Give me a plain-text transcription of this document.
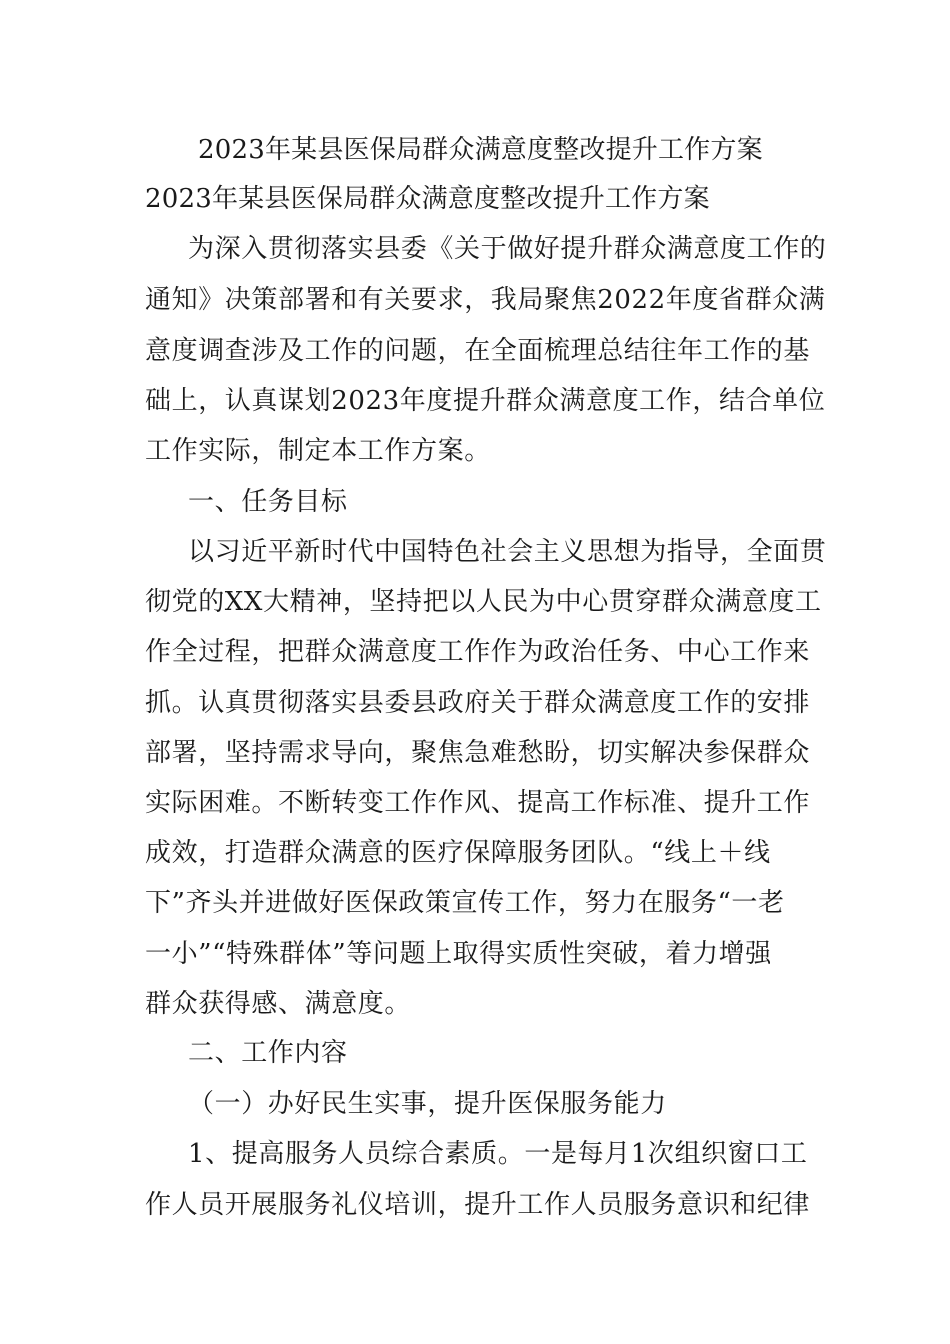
2023年某县医保局群众满意度整改提升工作方案
2023年某县医保局群众满意度整改提升工作方案
为深入贯彻落实县委《关于做好提升群众满意度工作的
通知》决策部署和有关要求，我局聚焦2022年度省群众满
意度调查涉及工作的问题，在全面梳理总结往年工作的基
础上，认真谋划2023年度提升群众满意度工作，结合单位
工作实际，制定本工作方案。
一、任务目标
以习近平新时代中国特色社会主义思想为指导，全面贯
彻党的XX大精神，坚持把以人民为中心贯穿群众满意度工
作全过程，把群众满意度工作作为政治任务、中心工作来
抓。认真贯彻落实县委县政府关于群众满意度工作的安排
部署，坚持需求导向，聚焦急难愁盼，切实解决参保群众
实际困难。不断转变工作作风、提高工作标准、提升工作
成效，打造群众满意的医疗保障服务团队。“线上＋线
下”齐头并进做好医保政策宣传工作，努力在服务“一老
一小”“特殊群体”等问题上取得实质性突破，着力增强
群众获得感、满意度。
二、工作内容
（一）办好民生实事，提升医保服务能力
1、提高服务人员综合素质。一是每月1次组织窗口工
作人员开展服务礼仪培训，提升工作人员服务意识和纪律
